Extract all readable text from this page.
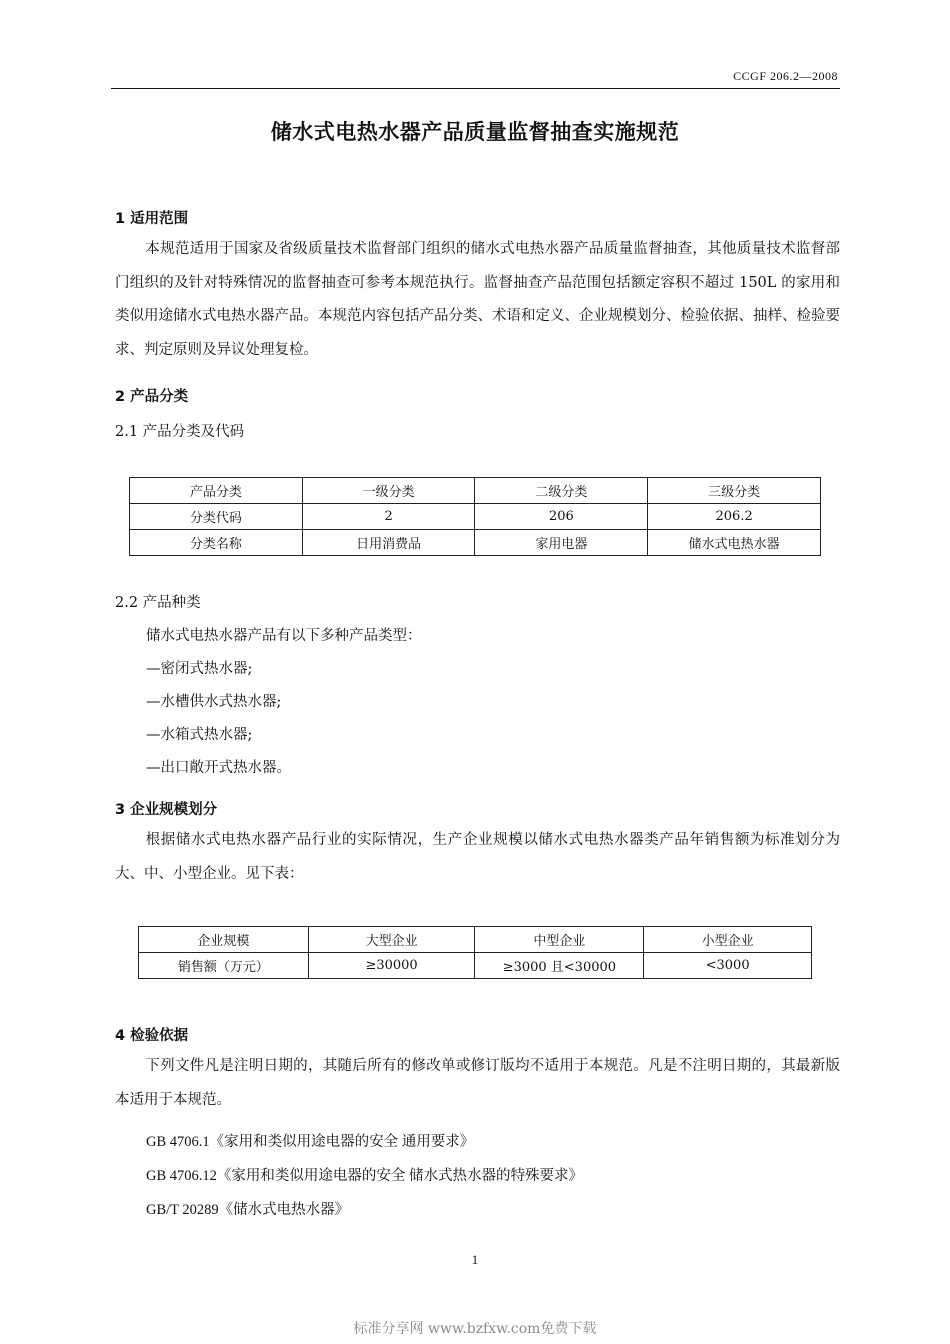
CCGF 206.2—2008
储水式电热水器产品质量监督抽查实施规范
1 适用范围
本规范适用于国家及省级质量技术监督部门组织的储水式电热水器产品质量监督抽查，其他质量技术监督部门组织的及针对特殊情况的监督抽查可参考本规范执行。监督抽查产品范围包括额定容积不超过 150L 的家用和类似用途储水式电热水器产品。本规范内容包括产品分类、术语和定义、企业规模划分、检验依据、抽样、检验要求、判定原则及异议处理复检。
2 产品分类
2.1 产品分类及代码
产品分类	一级分类	二级分类	三级分类
分类代码	2	206	206.2
分类名称	日用消费品	家用电器	储水式电热水器
2.2 产品种类
储水式电热水器产品有以下多种产品类型：
—密闭式热水器;
—水槽供水式热水器;
—水箱式热水器;
—出口敞开式热水器。
3 企业规模划分
根据储水式电热水器产品行业的实际情况，生产企业规模以储水式电热水器类产品年销售额为标准划分为大、中、小型企业。见下表：
企业规模	大型企业	中型企业	小型企业
销售额（万元）	≥30000	≥3000 且<30000	<3000
4 检验依据
下列文件凡是注明日期的，其随后所有的修改单或修订版均不适用于本规范。凡是不注明日期的，其最新版本适用于本规范。
GB 4706.1《家用和类似用途电器的安全 通用要求》
GB 4706.12《家用和类似用途电器的安全 储水式热水器的特殊要求》
GB/T 20289《储水式电热水器》
1
标准分享网 www.bzfxw.com免费下载
